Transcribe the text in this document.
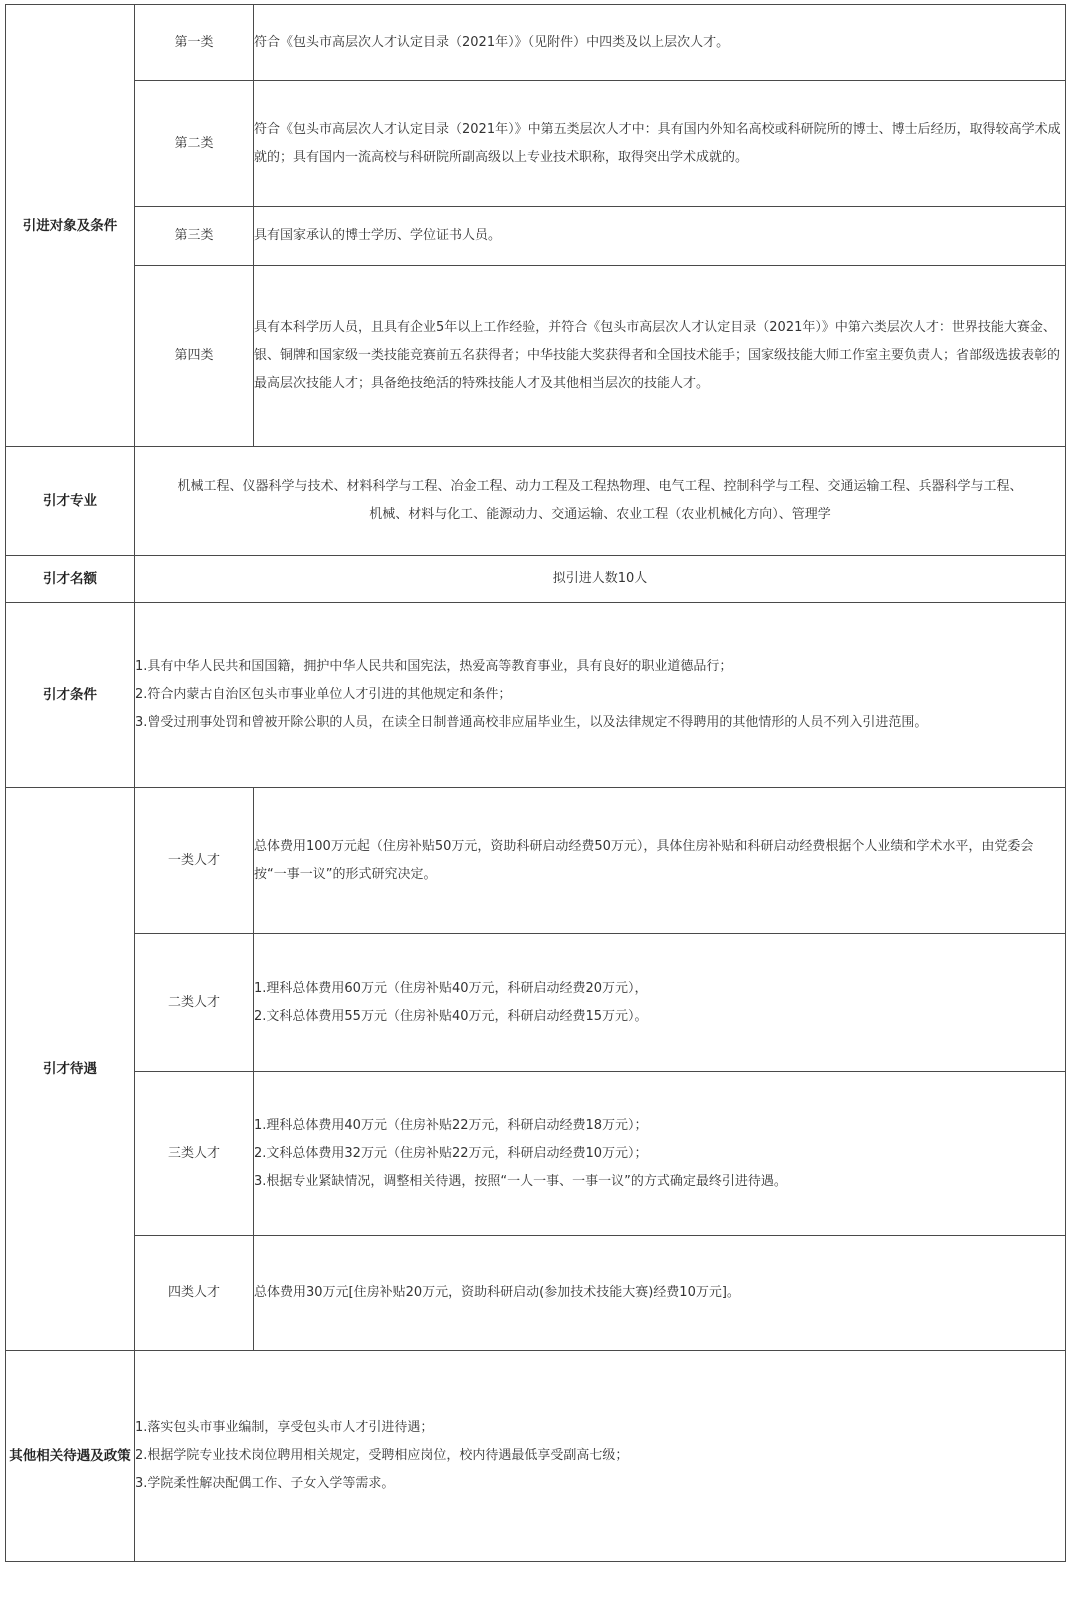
引进对象及条件	第一类	符合《包头市高层次人才认定目录（2021年）》（见附件）中四类及以上层次人才。
	第二类	符合《包头市高层次人才认定目录（2021年）》中第五类层次人才中：具有国内外知名高校或科研院所的博士、博士后经历，取得较高学术成就的；具有国内一流高校与科研院所副高级以上专业技术职称，取得突出学术成就的。
	第三类	具有国家承认的博士学历、学位证书人员。
	第四类	具有本科学历人员，且具有企业5年以上工作经验，并符合《包头市高层次人才认定目录（2021年）》中第六类层次人才：世界技能大赛金、银、铜牌和国家级一类技能竞赛前五名获得者；中华技能大奖获得者和全国技术能手；国家级技能大师工作室主要负责人；省部级选拔表彰的最高层次技能人才；具备绝技绝活的特殊技能人才及其他相当层次的技能人才。
引才专业	机械工程、仪器科学与技术、材料科学与工程、冶金工程、动力工程及工程热物理、电气工程、控制科学与工程、交通运输工程、兵器科学与工程、
机械、材料与化工、能源动力、交通运输、农业工程（农业机械化方向）、管理学	

引才名额	拟引进人数10人	
引才条件	1.具有中华人民共和国国籍，拥护中华人民共和国宪法，热爱高等教育事业，具有良好的职业道德品行；
2.符合内蒙古自治区包头市事业单位人才引进的其他规定和条件；
3.曾受过刑事处罚和曾被开除公职的人员，在读全日制普通高校非应届毕业生，以及法律规定不得聘用的其他情形的人员不列入引进范围。	

引才待遇	一类人才	总体费用100万元起（住房补贴50万元，资助科研启动经费50万元），具体住房补贴和科研启动经费根据个人业绩和学术水平，由党委会按“一事一议”的形式研究决定。

	二类人才	1.理科总体费用60万元（住房补贴40万元，科研启动经费20万元），
2.文科总体费用55万元（住房补贴40万元，科研启动经费15万元）。

	三类人才	1.理科总体费用40万元（住房补贴22万元，科研启动经费18万元）；
2.文科总体费用32万元（住房补贴22万元，科研启动经费10万元）；
3.根据专业紧缺情况，调整相关待遇，按照“一人一事、一事一议”的方式确定最终引进待遇。

	四类人才	总体费用30万元[住房补贴20万元，资助科研启动(参加技术技能大赛)经费10万元]。

其他相关待遇及政策	1.落实包头市事业编制，享受包头市人才引进待遇；
2.根据学院专业技术岗位聘用相关规定，受聘相应岗位，校内待遇最低享受副高七级；
3.学院柔性解决配偶工作、子女入学等需求。	
